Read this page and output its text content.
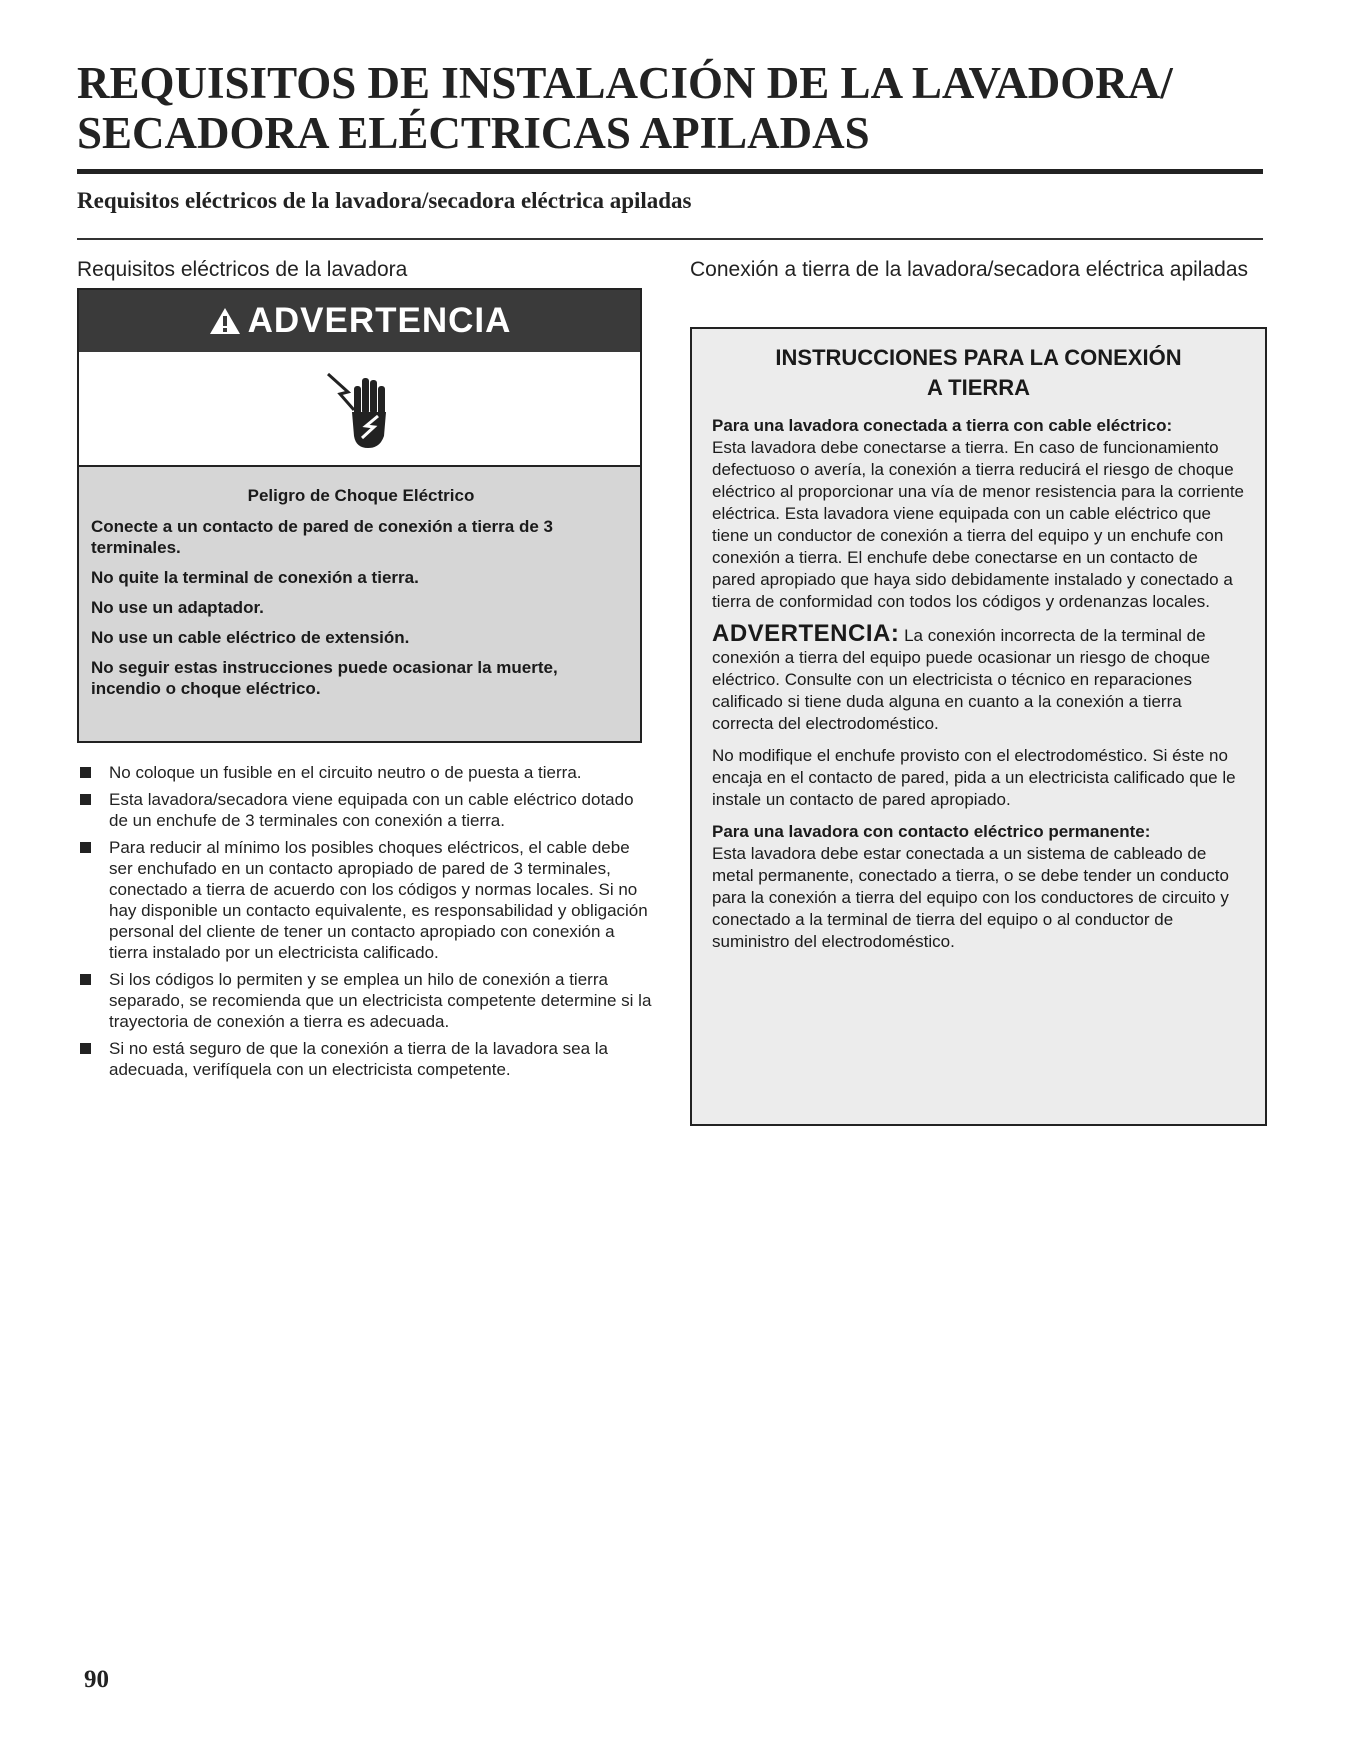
REQUISITOS DE INSTALACIÓN DE LA LAVADORA/
SECADORA ELÉCTRICAS APILADAS
Requisitos eléctricos de la lavadora/secadora eléctrica apiladas
Requisitos eléctricos de la lavadora
ADVERTENCIA

Peligro de Choque Eléctrico

Conecte a un contacto de pared de conexión a tierra de 3 terminales.

No quite la terminal de conexión a tierra.

No use un adaptador.

No use un cable eléctrico de extensión.

No seguir estas instrucciones puede ocasionar la muerte, incendio o choque eléctrico.

No coloque un fusible en el circuito neutro o de puesta a tierra.
Esta lavadora/secadora viene equipada con un cable eléctrico dotado de un enchufe de 3 terminales con conexión a tierra.
Para reducir al mínimo los posibles choques eléctricos, el cable debe ser enchufado en un contacto apropiado de pared de 3 terminales, conectado a tierra de acuerdo con los códigos y normas locales. Si no hay disponible un contacto equivalente, es responsabilidad y obligación personal del cliente de tener un contacto apropiado con conexión a tierra instalado por un electricista calificado.
Si los códigos lo permiten y se emplea un hilo de conexión a tierra separado, se recomienda que un electricista competente determine si la trayectoria de conexión a tierra es adecuada.
Si no está seguro de que la conexión a tierra de la lavadora sea la adecuada, verifíquela con un electricista competente.
Conexión a tierra de la lavadora/secadora eléctrica apiladas

INSTRUCCIONES PARA LA CONEXIÓN
A TIERRA

Para una lavadora conectada a tierra con cable eléctrico:

Esta lavadora debe conectarse a tierra. En caso de funcionamiento defectuoso o avería, la conexión a tierra reducirá el riesgo de choque eléctrico al proporcionar una vía de menor resistencia para la corriente eléctrica. Esta lavadora viene equipada con un cable eléctrico que tiene un conductor de conexión a tierra del equipo y un enchufe con conexión a tierra. El enchufe debe conectarse en un contacto de pared apropiado que haya sido debidamente instalado y conectado a tierra de conformidad con todos los códigos y ordenanzas locales.

ADVERTENCIA: La conexión incorrecta de la terminal de conexión a tierra del equipo puede ocasionar un riesgo de choque eléctrico. Consulte con un electricista o técnico en reparaciones calificado si tiene duda alguna en cuanto a la conexión a tierra correcta del electrodoméstico.

No modifique el enchufe provisto con el electrodoméstico. Si éste no encaja en el contacto de pared, pida a un electricista calificado que le instale un contacto de pared apropiado.

Para una lavadora con contacto eléctrico permanente:

Esta lavadora debe estar conectada a un sistema de cableado de metal permanente, conectado a tierra, o se debe tender un conducto para la conexión a tierra del equipo con los conductores de circuito y conectado a la terminal de tierra del equipo o al conductor de suministro del electrodoméstico.

90
